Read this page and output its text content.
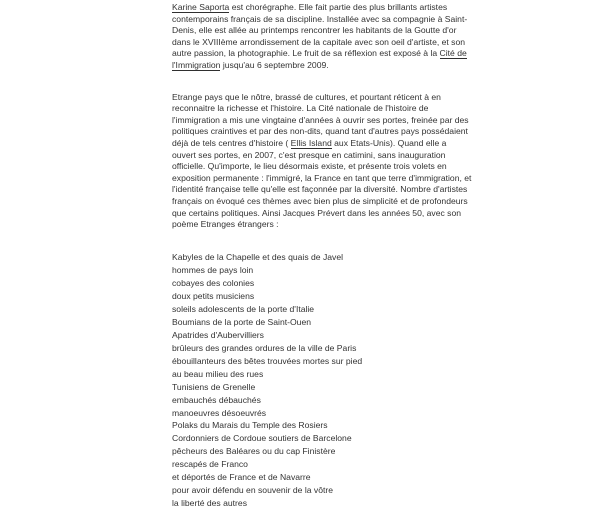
Karine Saporta est chorégraphe. Elle fait partie des plus brillants artistes contemporains français de sa discipline. Installée avec sa compagnie à Saint-Denis, elle est allée au printemps rencontrer les habitants de la Goutte d'or dans le XVIIIème arrondissement de la capitale avec son oeil d'artiste, et son autre passion, la photographie. Le fruit de sa réflexion est exposé à la Cité de l'Immigration jusqu'au 6 septembre 2009.

Etrange pays que le nôtre, brassé de cultures, et pourtant réticent à en reconnaitre la richesse et l'histoire. La Cité nationale de l'histoire de l'immigration a mis une vingtaine d'années à ouvrir ses portes, freinée par des politiques craintives et par des non-dits, quand tant d'autres pays possédaient déjà de tels centres d'histoire ( Ellis Island aux Etats-Unis). Quand elle a ouvert ses portes, en 2007, c'est presque en catimini, sans inauguration officielle. Qu'importe, le lieu désormais existe, et présente trois volets en exposition permanente : l'immigré, la France en tant que terre d'immigration, et l'identité française telle qu'elle est façonnée par la diversité. Nombre d'artistes français on évoqué ces thèmes avec bien plus de simplicité et de profondeurs que certains politiques. Ainsi Jacques Prévert dans les années 50, avec son poème Etranges étrangers :

Kabyles de la Chapelle et des quais de Javel
hommes de pays loin
cobayes des colonies
doux petits musiciens
soleils adolescents de la porte d'Italie
Boumians de la porte de Saint-Ouen
Apatrides d'Aubervilliers
brûleurs des grandes ordures de la ville de Paris
ébouillanteurs des bêtes trouvées mortes sur pied
au beau milieu des rues
Tunisiens de Grenelle
embauchés débauchés
manoeuvres désoeuvrés
Polaks du Marais du Temple des Rosiers
Cordonniers de Cordoue soutiers de Barcelone
pêcheurs des Baléares ou du cap Finistère
rescapés de Franco
et déportés de France et de Navarre
pour avoir défendu en souvenir de la vôtre
la liberté des autres
